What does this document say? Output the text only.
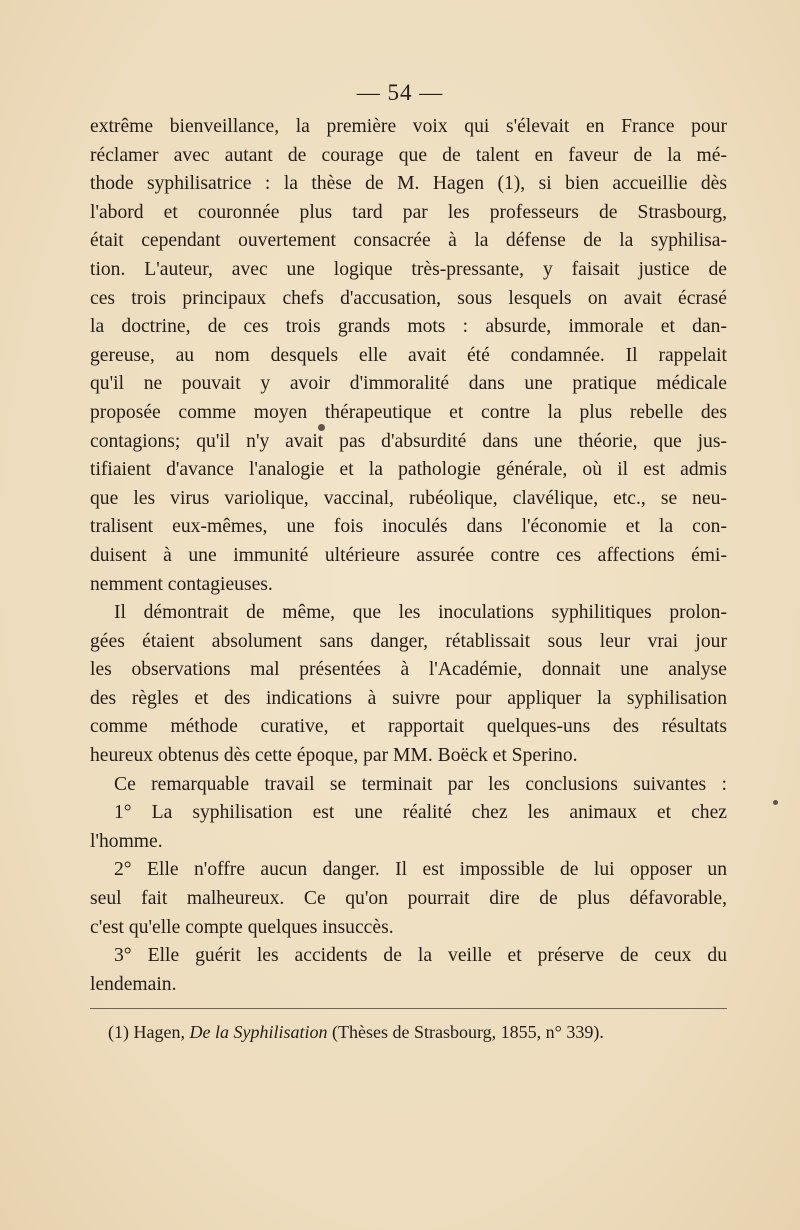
— 54 —
extrême bienveillance, la première voix qui s'élevait en France pour
réclamer avec autant de courage que de talent en faveur de la mé-
thode syphilisatrice : la thèse de M. Hagen (1), si bien accueillie dès
l'abord et couronnée plus tard par les professeurs de Strasbourg,
était cependant ouvertement consacrée à la défense de la syphilisa-
tion. L'auteur, avec une logique très-pressante, y faisait justice de
ces trois principaux chefs d'accusation, sous lesquels on avait écrasé
la doctrine, de ces trois grands mots : absurde, immorale et dan-
gereuse, au nom desquels elle avait été condamnée. Il rappelait
qu'il ne pouvait y avoir d'immoralité dans une pratique médicale
proposée comme moyen thérapeutique et contre la plus rebelle des
contagions; qu'il n'y avait pas d'absurdité dans une théorie, que jus-
tifiaient d'avance l'analogie et la pathologie générale, où il est admis
que les virus variolique, vaccinal, rubéolique, clavélique, etc., se neu-
tralisent eux-mêmes, une fois inoculés dans l'économie et la con-
duisent à une immunité ultérieure assurée contre ces affections émi-
nemment contagieuses.
Il démontrait de même, que les inoculations syphilitiques prolon-
gées étaient absolument sans danger, rétablissait sous leur vrai jour
les observations mal présentées à l'Académie, donnait une analyse
des règles et des indications à suivre pour appliquer la syphilisation
comme méthode curative, et rapportait quelques-uns des résultats
heureux obtenus dès cette époque, par MM. Boëck et Sperino.
Ce remarquable travail se terminait par les conclusions suivantes :
1° La syphilisation est une réalité chez les animaux et chez
l'homme.
2° Elle n'offre aucun danger. Il est impossible de lui opposer un
seul fait malheureux. Ce qu'on pourrait dire de plus défavorable,
c'est qu'elle compte quelques insuccès.
3° Elle guérit les accidents de la veille et préserve de ceux du
lendemain.
(1) Hagen, De la Syphilisation (Thèses de Strasbourg, 1855, n° 339).
